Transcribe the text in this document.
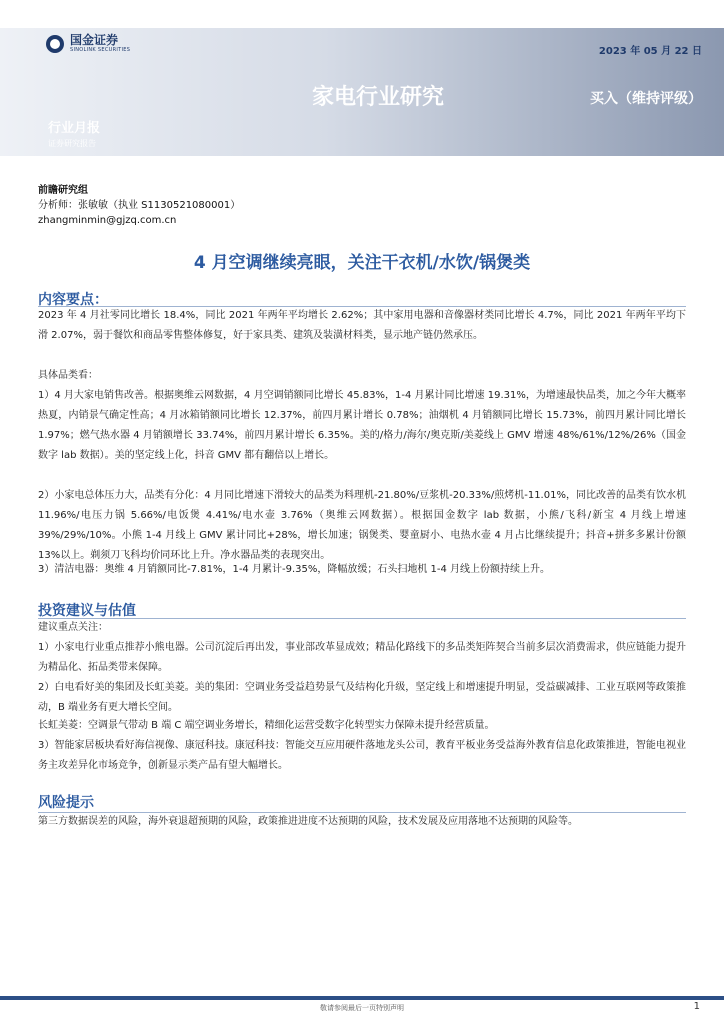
国金证券
SINOLINK SECURITIES	2023 年 05 月 22 日
家电行业研究	买入（维持评级）
行业月报
证券研究报告
前瞻研究组
分析师：张敏敏（执业 S1130521080001）
zhangminmin@gjzq.com.cn
4 月空调继续亮眼，关注干衣机/水饮/锅煲类
内容要点：

2023 年 4 月社零同比增长 18.4%，同比 2021 年两年平均增长 2.62%；其中家用电器和音像器材类同比增长 4.7%，同比 2021 年两年平均下滑 2.07%，弱于餐饮和商品零售整体修复，好于家具类、建筑及装潢材料类，显示地产链仍然承压。

具体品类看：

1）4 月大家电销售改善。根据奥维云网数据，4 月空调销额同比增长 45.83%，1-4 月累计同比增速 19.31%，为增速最快品类，加之今年大概率热夏，内销景气确定性高；4 月冰箱销额同比增长 12.37%，前四月累计增长 0.78%；油烟机 4 月销额同比增长 15.73%，前四月累计同比增长 1.97%；燃气热水器 4 月销额增长 33.74%，前四月累计增长 6.35%。美的/格力/海尔/奥克斯/美菱线上 GMV 增速 48%/61%/12%/26%（国金数字 lab 数据）。美的坚定线上化，抖音 GMV 都有翻倍以上增长。

2）小家电总体压力大，品类有分化：4 月同比增速下滑较大的品类为料理机-21.80%/豆浆机-20.33%/煎烤机-11.01%，同比改善的品类有饮水机 11.96%/电压力锅 5.66%/电饭煲 4.41%/电水壶 3.76%（奥维云网数据）。根据国金数字 lab 数据，小熊/飞科/新宝 4 月线上增速 39%/29%/10%。小熊 1-4 月线上 GMV 累计同比+28%，增长加速；锅煲类、婴童厨小、电热水壶 4 月占比继续提升；抖音+拼多多累计份额 13%以上。剃须刀飞科均价同环比上升。净水器品类的表现突出。

3）清洁电器：奥维 4 月销额同比-7.81%，1-4 月累计-9.35%，降幅放缓；石头扫地机 1-4 月线上份额持续上升。

投资建议与估值

建议重点关注：

1）小家电行业重点推荐小熊电器。公司沉淀后再出发，事业部改革显成效；精品化路线下的多品类矩阵契合当前多层次消费需求，供应链能力提升为精品化、拓品类带来保障。

2）白电看好美的集团及长虹美菱。美的集团：空调业务受益趋势景气及结构化升级，坚定线上和增速提升明显，受益碳减排、工业互联网等政策推动，B 端业务有更大增长空间。

长虹美菱：空调景气带动 B 端 C 端空调业务增长，精细化运营受数字化转型实力保障未提升经营质量。

3）智能家居板块看好海信视像、康冠科技。康冠科技：智能交互应用硬件落地龙头公司，教育平板业务受益海外教育信息化政策推进，智能电视业务主攻差异化市场竞争，创新显示类产品有望大幅增长。

风险提示

第三方数据误差的风险，海外衰退超预期的风险，政策推进进度不达预期的风险，技术发展及应用落地不达预期的风险等。

敬请参阅最后一页特别声明	1
